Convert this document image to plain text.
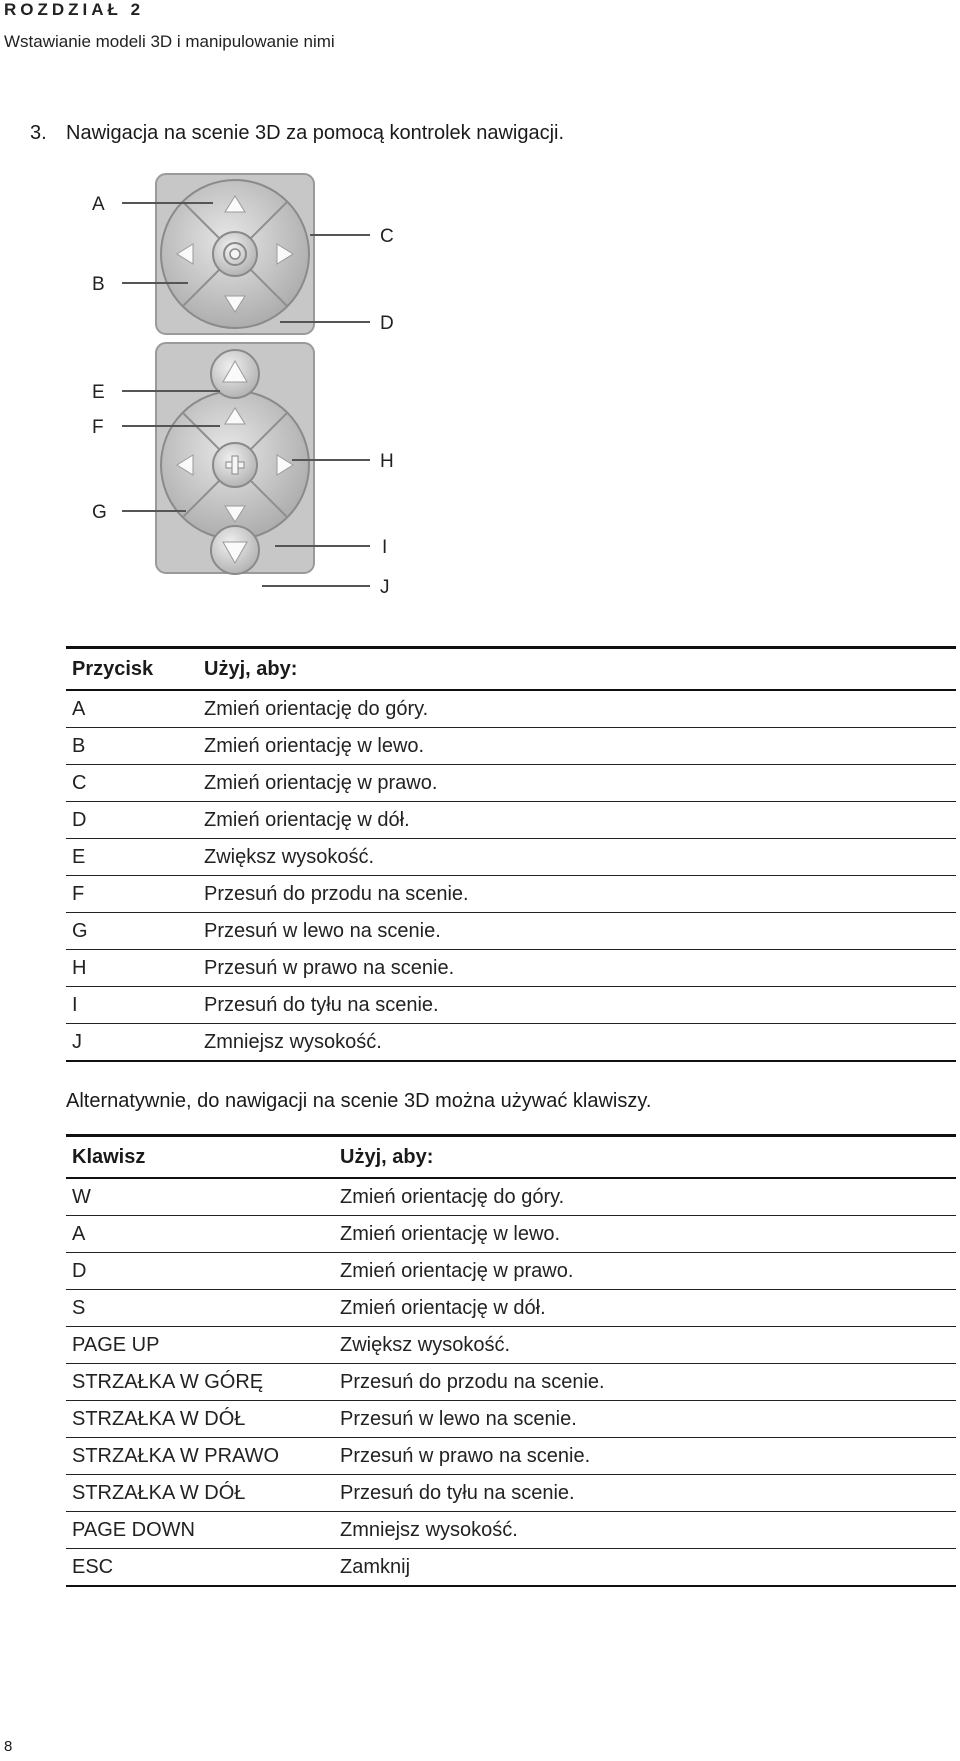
ROZDZIAŁ 2
Wstawianie modeli 3D i manipulowanie nimi
3. Nawigacja na scenie 3D za pomocą kontrolek nawigacji.
A
B
C
D
E
F
H
G
I
J
Przycisk	Użyj, aby:
A	Zmień orientację do góry.
B	Zmień orientację w lewo.
C	Zmień orientację w prawo.
D	Zmień orientację w dół.
E	Zwiększ wysokość.
F	Przesuń do przodu na scenie.
G	Przesuń w lewo na scenie.
H	Przesuń w prawo na scenie.
I	Przesuń do tyłu na scenie.
J	Zmniejsz wysokość.
Alternatywnie, do nawigacji na scenie 3D można używać klawiszy.
Klawisz	Użyj, aby:
W	Zmień orientację do góry.
A	Zmień orientację w lewo.
D	Zmień orientację w prawo.
S	Zmień orientację w dół.
PAGE UP	Zwiększ wysokość.
STRZAŁKA W GÓRĘ	Przesuń do przodu na scenie.
STRZAŁKA W DÓŁ	Przesuń w lewo na scenie.
STRZAŁKA W PRAWO	Przesuń w prawo na scenie.
STRZAŁKA W DÓŁ	Przesuń do tyłu na scenie.
PAGE DOWN	Zmniejsz wysokość.
ESC	Zamknij
8
